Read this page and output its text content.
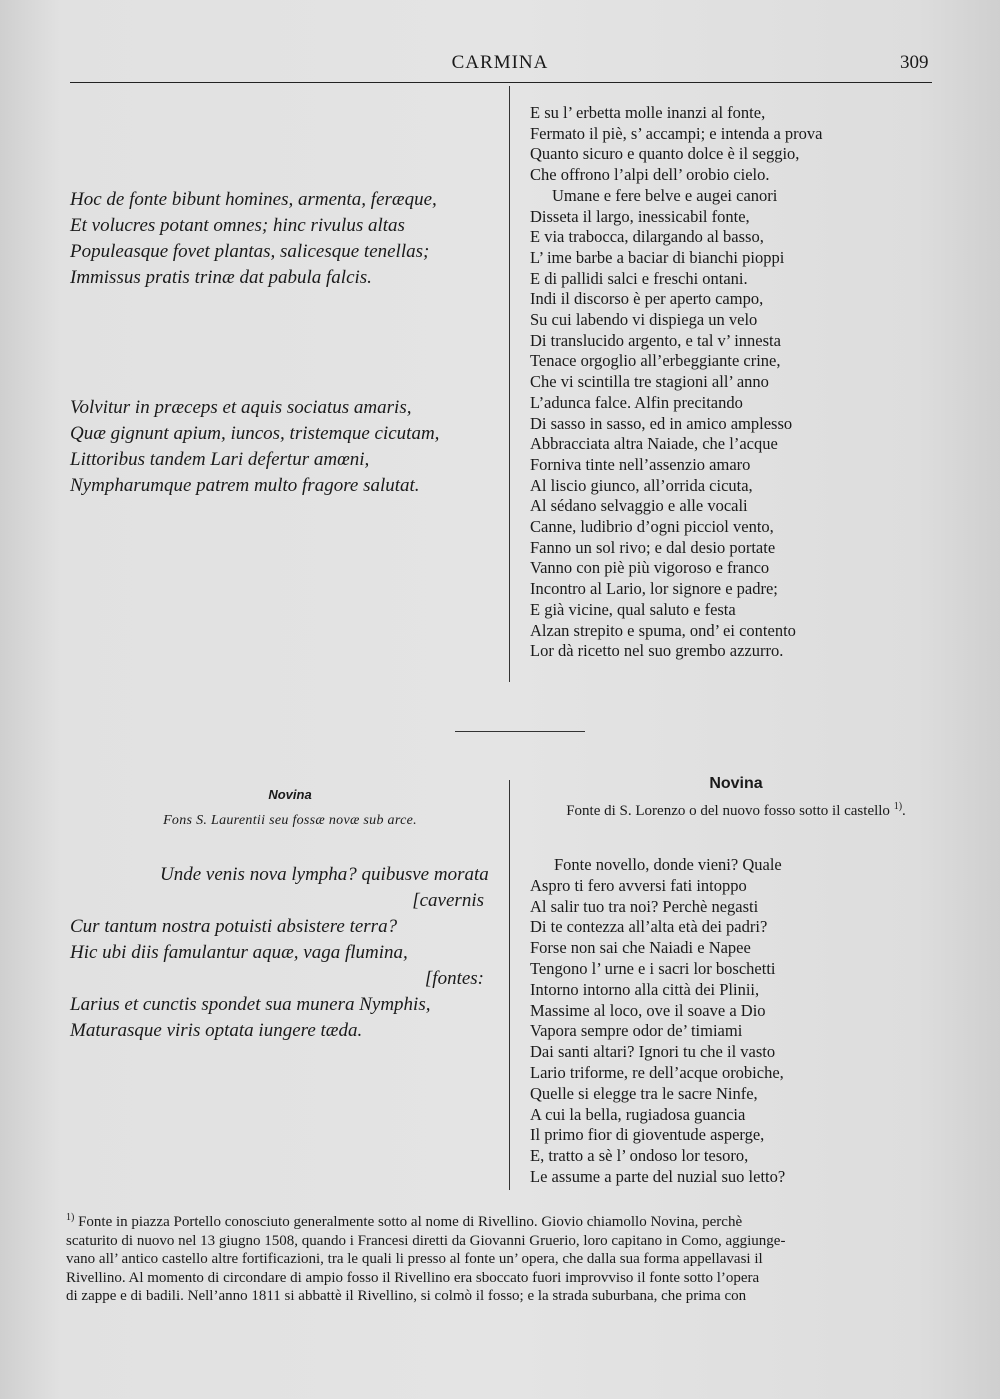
CARMINA	309
Hoc de fonte bibunt homines, armenta, feræque,
Et volucres potant omnes; hinc rivulus altas
Populeasque fovet plantas, salicesque tenellas;
Immissus pratis trinæ dat pabula falcis.
Volvitur in præceps et aquis sociatus amaris,
Quæ gignunt apium, iuncos, tristemque cicutam,
Littoribus tandem Lari defertur amœni,
Nympharumque patrem multo fragore salutat.
E su l’ erbetta molle inanzi al fonte,
Fermato il piè, s’ accampi; e intenda a prova
Quanto sicuro e quanto dolce è il seggio,
Che offrono l’alpi dell’ orobio cielo.
Umane e fere belve e augei canori
Disseta il largo, inessicabil fonte,
E via trabocca, dilargando al basso,
L’ ime barbe a baciar di bianchi pioppi
E di pallidi salci e freschi ontani.
Indi il discorso è per aperto campo,
Su cui labendo vi dispiega un velo
Di translucido argento, e tal v’ innesta
Tenace orgoglio all’erbeggiante crine,
Che vi scintilla tre stagioni all’ anno
L’adunca falce. Alfin precitando
Di sasso in sasso, ed in amico amplesso
Abbracciata altra Naiade, che l’acque
Forniva tinte nell’assenzio amaro
Al liscio giunco, all’orrida cicuta,
Al sédano selvaggio e alle vocali
Canne, ludibrio d’ogni picciol vento,
Fanno un sol rivo; e dal desio portate
Vanno con piè più vigoroso e franco
Incontro al Lario, lor signore e padre;
E già vicine, qual saluto e festa
Alzan strepito e spuma, ond’ ei contento
Lor dà ricetto nel suo grembo azzurro.
Novina
Fons S. Laurentii seu fossæ novæ sub arce.
Unde venis nova lympha? quibusve morata
[cavernis
Cur tantum nostra potuisti absistere terra?
Hic ubi diis famulantur aquæ, vaga flumina,
[fontes:
Larius et cunctis spondet sua munera Nymphis,
Maturasque viris optata iungere tæda.
Novina
Fonte di S. Lorenzo o del nuovo fosso sotto il castello $^{1)}$.
Fonte novello, donde vieni? Quale
Aspro ti fero avversi fati intoppo
Al salir tuo tra noi? Perchè negasti
Di te contezza all’alta età dei padri?
Forse non sai che Naiadi e Napee
Tengono l’ urne e i sacri lor boschetti
Intorno intorno alla città dei Plinii,
Massime al loco, ove il soave a Dio
Vapora sempre odor de’ timiami
Dai santi altari? Ignori tu che il vasto
Lario triforme, re dell’acque orobiche,
Quelle si elegge tra le sacre Ninfe,
A cui la bella, rugiadosa guancia
Il primo fior di gioventude asperge,
E, tratto a sè l’ ondoso lor tesoro,
Le assume a parte del nuzial suo letto?
$^{1)}$ Fonte in piazza Portello conosciuto generalmente sotto al nome di Rivellino. Giovio chiamollo Novina, perchè
scaturito di nuovo nel 13 giugno 1508, quando i Francesi diretti da Giovanni Gruerio, loro capitano in Como, aggiunge-
vano all’ antico castello altre fortificazioni, tra le quali li presso al fonte un’ opera, che dalla sua forma appellavasi il
Rivellino. Al momento di circondare di ampio fosso il Rivellino era sboccato fuori improvviso il fonte sotto l’opera
di zappe e di badili. Nell’anno 1811 si abbattè il Rivellino, si colmò il fosso; e la strada suburbana, che prima con
